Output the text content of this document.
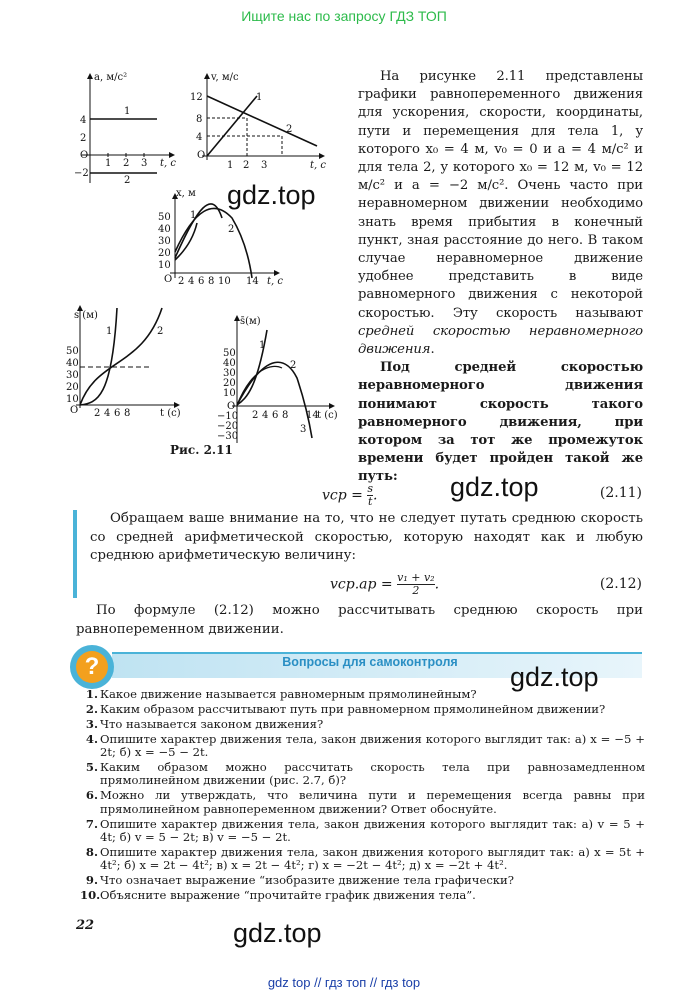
Ищите нас по запросу ГДЗ ТОП
a, м/с²
t, с
4
2
−2
O
1 2 3
1
2
v, м/с
t, с
12
8
4
O
1 2 3
1
2
x, м
t, с
50
40
30
20
10
O 2 4 6 8 10 14
1
2
s (м)
t (с)
50
40
30
20
10
O 2 4 6 8
1	2
s̄(м)
t (с)
50
40
30
20
10
−10
−20
−30
O
2 4 6 8 14
1
2
3
Рис. 2.11
gdz.top

На рисунке 2.11 представлены графики равнопеременного движения для ускорения, скорости, координаты, пути и перемещения для тела 1, у которого x₀ = 4 м, v₀ = 0 и a = 4 м/с² и для тела 2, у которого x₀ = 12 м, v₀ = 12 м/с² и a = −2 м/с². Очень часто при неравномерном движении необходимо знать время прибытия в конечный пункт, зная расстояние до него. В таком случае неравномерное движение удобнее представить в виде равномерного движения с некоторой скоростью. Эту скорость называют средней скоростью неравномерного движения.

Под средней скоростью неравномерного движения понимают скорость такого равномерного движения, при котором за тот же промежуток времени будет пройден такой же путь:

vср = $\frac{s}{t}$ .	(2.11)
gdz.top

Обращаем ваше внимание на то, что не следует путать среднюю скорость со средней арифметической скоростью, которую находят как и любую среднюю арифметическую величину:

$vср.ар = \frac{\text{v₁ + v₂}}{2}$ .	(2.12)

По формуле (2.12) можно рассчитывать среднюю скорость при равнопеременном движении.

?	Вопросы для самоконтроля	gdz.top
1. Какое движение называется равномерным прямолинейным?
2. Каким образом рассчитывают путь при равномерном прямолинейном движении?
3. Что называется законом движения?
4. Опишите характер движения тела, закон движения которого выглядит так: а) x = −5 + 2t; б) x = −5 − 2t.
5. Каким образом можно рассчитать скорость тела при равнозамедленном прямолинейном движении (рис. 2.7, б)?
6. Можно ли утверждать, что величина пути и перемещения всегда равны при прямолинейном равнопеременном движении? Ответ обоснуйте.
7. Опишите характер движения тела, закон движения которого выглядит так: а) v = 5 + 4t; б) v = 5 − 2t; в) v = −5 − 2t.
8. Опишите характер движения тела, закон движения которого выглядит так: а) x = 5t + 4t²; б) x = 2t − 4t²; в) x = 2t − 4t²; г) x = −2t − 4t²; д) x = −2t + 4t².
9. Что означает выражение “изобразите движение тела графически?
10. Объясните выражение “прочитайте график движения тела”.
22	gdz.top
gdz top // гдз топ // гдз top
